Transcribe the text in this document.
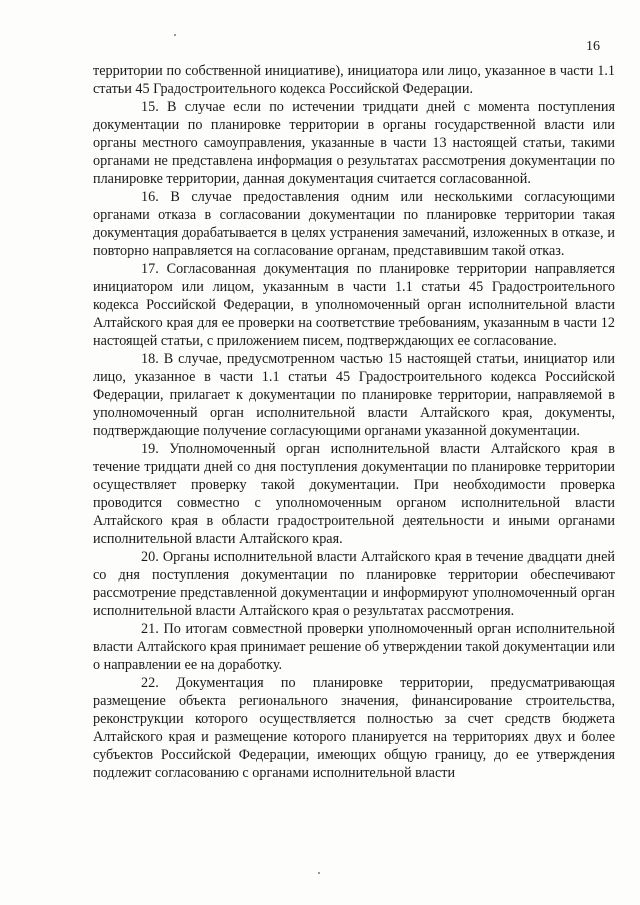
16

территории по собственной инициативе), инициатора или лицо, указанное в части 1.1 статьи 45 Градостроительного кодекса Российской Федерации.

15. В случае если по истечении тридцати дней с момента поступления документации по планировке территории в органы государственной власти или органы местного самоуправления, указанные в части 13 настоящей статьи, такими органами не представлена информация о результатах рассмотрения документации по планировке территории, данная документация считается согласованной.

16. В случае предоставления одним или несколькими согласующими органами отказа в согласовании документации по планировке территории такая документация дорабатывается в целях устранения замечаний, изложенных в отказе, и повторно направляется на согласование органам, представившим такой отказ.

17. Согласованная документация по планировке территории направляется инициатором или лицом, указанным в части 1.1 статьи 45 Градостроительного кодекса Российской Федерации, в уполномоченный орган исполнительной власти Алтайского края для ее проверки на соответствие требованиям, указанным в части 12 настоящей статьи, с приложением писем, подтверждающих ее согласование.

18. В случае, предусмотренном частью 15 настоящей статьи, инициатор или лицо, указанное в части 1.1 статьи 45 Градостроительного кодекса Российской Федерации, прилагает к документации по планировке территории, направляемой в уполномоченный орган исполнительной власти Алтайского края, документы, подтверждающие получение согласующими органами указанной документации.

19. Уполномоченный орган исполнительной власти Алтайского края в течение тридцати дней со дня поступления документации по планировке территории осуществляет проверку такой документации. При необходимости проверка проводится совместно с уполномоченным органом исполнительной власти Алтайского края в области градостроительной деятельности и иными органами исполнительной власти Алтайского края.

20. Органы исполнительной власти Алтайского края в течение двадцати дней со дня поступления документации по планировке территории обеспечивают рассмотрение представленной документации и информируют уполномоченный орган исполнительной власти Алтайского края о результатах рассмотрения.

21. По итогам совместной проверки уполномоченный орган исполнительной власти Алтайского края принимает решение об утверждении такой документации или о направлении ее на доработку.

22. Документация по планировке территории, предусматривающая размещение объекта регионального значения, финансирование строительства, реконструкции которого осуществляется полностью за счет средств бюджета Алтайского края и размещение которого планируется на территориях двух и более субъектов Российской Федерации, имеющих общую границу, до ее утверждения подлежит согласованию с органами исполнительной власти
